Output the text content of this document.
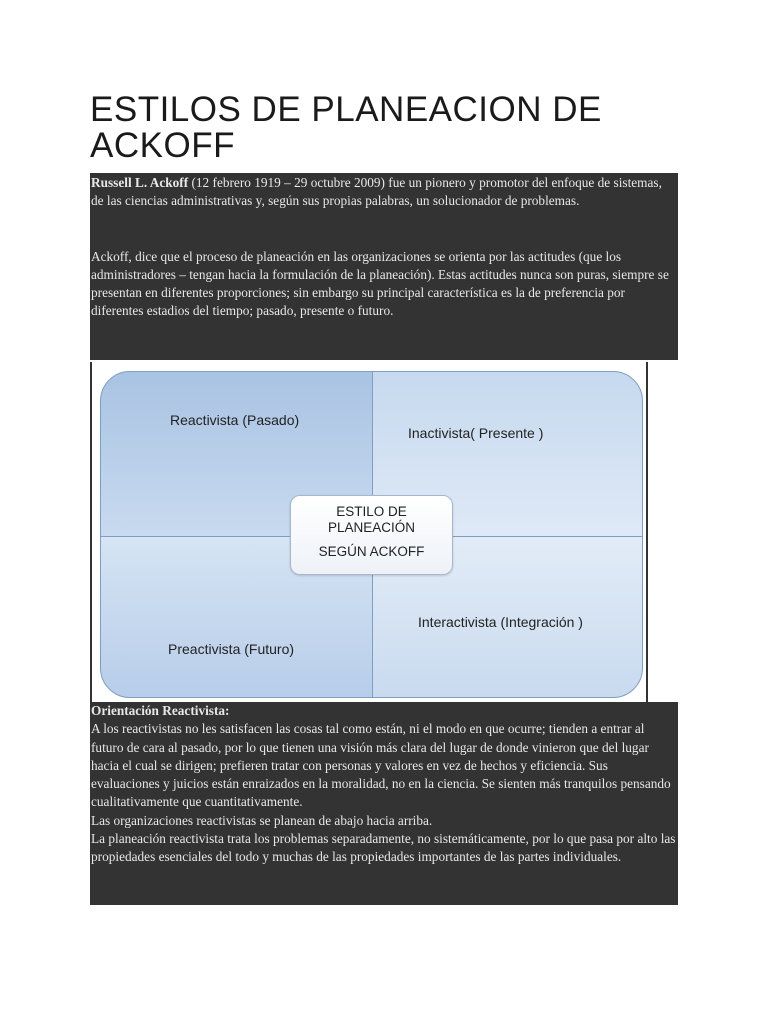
ESTILOS DE PLANEACION DE ACKOFF

Russell L. Ackoff (12 febrero 1919 – 29 octubre 2009) fue un pionero y promotor del enfoque de sistemas, de las ciencias administrativas y, según sus propias palabras, un solucionador de problemas.

Ackoff, dice que el proceso de planeación en las organizaciones se orienta por las actitudes (que los administradores – tengan hacia la formulación de la planeación). Estas actitudes nunca son puras, siempre se presentan en diferentes proporciones; sin embargo su principal característica es la de preferencia por diferentes estadios del tiempo; pasado, presente o futuro.

Reactivista (Pasado)
Inactivista( Presente )
Preactivista (Futuro)
Interactivista (Integración )
ESTILO DE
PLANEACIÓN
SEGÚN ACKOFF

Orientación Reactivista:

A los reactivistas no les satisfacen las cosas tal como están, ni el modo en que ocurre; tienden a entrar al futuro de cara al pasado, por lo que tienen una visión más clara del lugar de donde vinieron que del lugar hacia el cual se dirigen; prefieren tratar con personas y valores en vez de hechos y eficiencia. Sus evaluaciones y juicios están enraizados en la moralidad, no en la ciencia. Se sienten más tranquilos pensando cualitativamente que cuantitativamente.

Las organizaciones reactivistas se planean de abajo hacia arriba.

La planeación reactivista trata los problemas separadamente, no sistemáticamente, por lo que pasa por alto las propiedades esenciales del todo y muchas de las propiedades importantes de las partes individuales.
